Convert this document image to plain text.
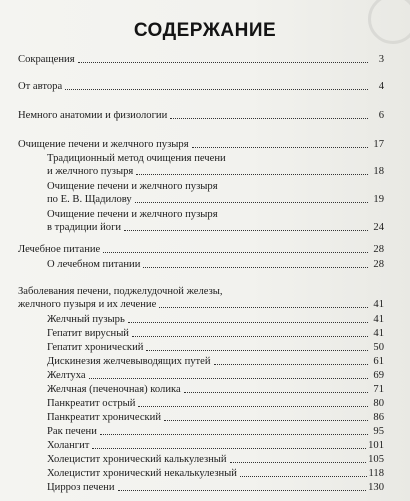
СОДЕРЖАНИЕ
Сокращения	3
От автора	4
Немного анатомии и физиологии	6
Очищение печени и желчного пузыря	17
Традиционный метод очищения печени
и желчного пузыря	18
Очищение печени и желчного пузыря
по Е. В. Щадилову	19
Очищение печени и желчного пузыря
в традиции йоги	24
Лечебное питание	28
О лечебном питании	28
Заболевания печени, поджелудочной железы,
желчного пузыря и их лечение	41
Желчный пузырь	41
Гепатит вирусный	41
Гепатит хронический	50
Дискинезия желчевыводящих путей	61
Желтуха	69
Желчная (печеночная) колика	71
Панкреатит острый	80
Панкреатит хронический	86
Рак печени	95
Холангит	101
Холецистит хронический калькулезный	105
Холецистит хронический некалькулезный	118
Цирроз печени	130
